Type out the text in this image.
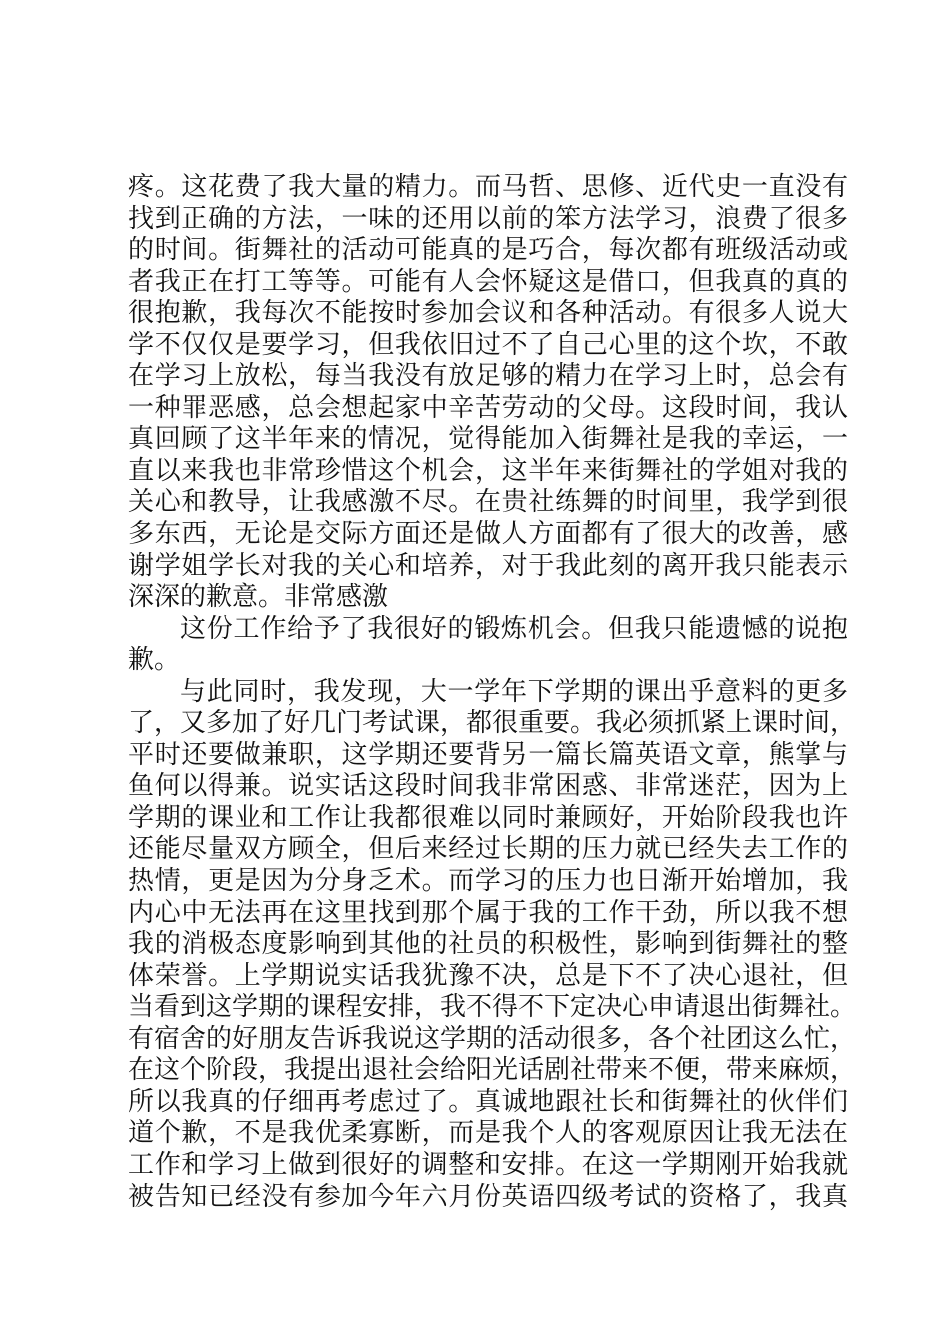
疼。这花费了我大量的精力。而马哲、思修、近代史一直没有
找到正确的方法，一味的还用以前的笨方法学习，浪费了很多
的时间。街舞社的活动可能真的是巧合，每次都有班级活动或
者我正在打工等等。可能有人会怀疑这是借口，但我真的真的
很抱歉，我每次不能按时参加会议和各种活动。有很多人说大
学不仅仅是要学习，但我依旧过不了自己心里的这个坎，不敢
在学习上放松，每当我没有放足够的精力在学习上时，总会有
一种罪恶感，总会想起家中辛苦劳动的父母。这段时间，我认
真回顾了这半年来的情况，觉得能加入街舞社是我的幸运，一
直以来我也非常珍惜这个机会，这半年来街舞社的学姐对我的
关心和教导，让我感激不尽。在贵社练舞的时间里，我学到很
多东西，无论是交际方面还是做人方面都有了很大的改善，感
谢学姐学长对我的关心和培养，对于我此刻的离开我只能表示
深深的歉意。非常感激
这份工作给予了我很好的锻炼机会。但我只能遗憾的说抱
歉。
与此同时，我发现，大一学年下学期的课出乎意料的更多
了，又多加了好几门考试课，都很重要。我必须抓紧上课时间，
平时还要做兼职，这学期还要背另一篇长篇英语文章，熊掌与
鱼何以得兼。说实话这段时间我非常困惑、非常迷茫，因为上
学期的课业和工作让我都很难以同时兼顾好，开始阶段我也许
还能尽量双方顾全，但后来经过长期的压力就已经失去工作的
热情，更是因为分身乏术。而学习的压力也日渐开始增加，我
内心中无法再在这里找到那个属于我的工作干劲，所以我不想
我的消极态度影响到其他的社员的积极性，影响到街舞社的整
体荣誉。上学期说实话我犹豫不决，总是下不了决心退社，但
当看到这学期的课程安排，我不得不下定决心申请退出街舞社。
有宿舍的好朋友告诉我说这学期的活动很多，各个社团这么忙，
在这个阶段，我提出退社会给阳光话剧社带来不便，带来麻烦，
所以我真的仔细再考虑过了。真诚地跟社长和街舞社的伙伴们
道个歉，不是我优柔寡断，而是我个人的客观原因让我无法在
工作和学习上做到很好的调整和安排。在这一学期刚开始我就
被告知已经没有参加今年六月份英语四级考试的资格了，我真
